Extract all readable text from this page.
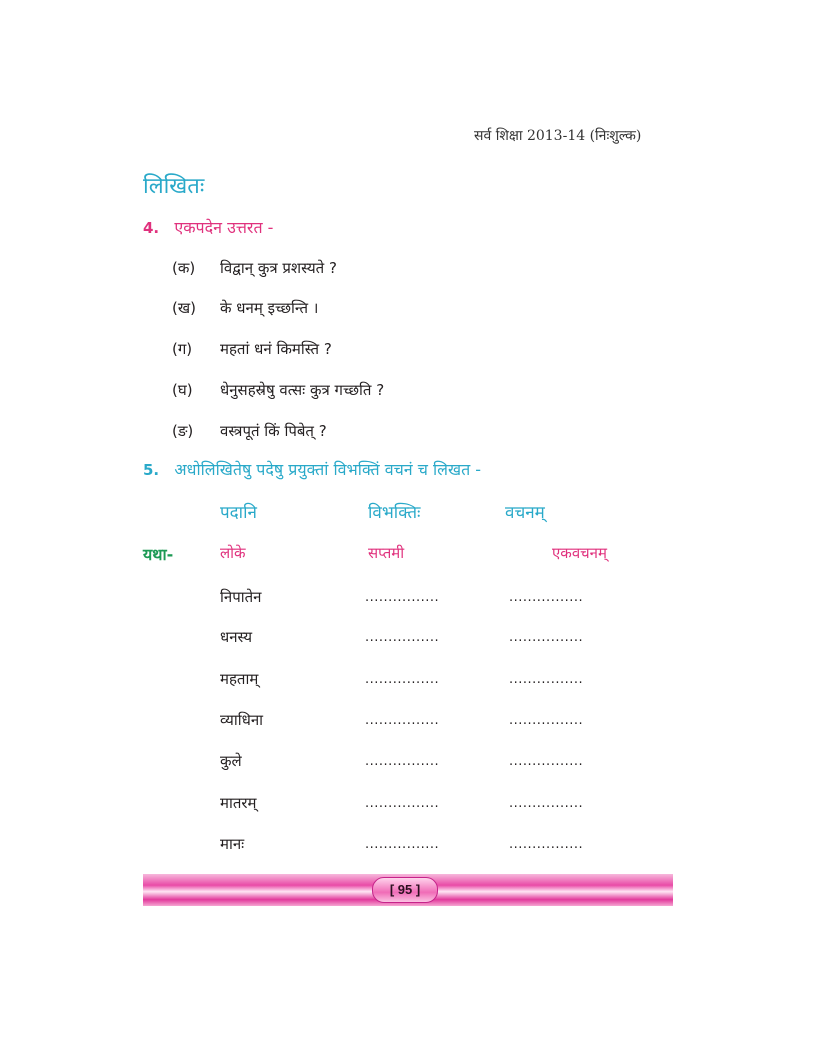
सर्व शिक्षा 2013-14 (निःशुल्क)
लिखितः
4. एकपदेन उत्तरत -
(क) विद्वान् कुत्र प्रशस्यते ?
(ख) के धनम् इच्छन्ति ।
(ग) महतां धनं किमस्ति ?
(घ) धेनुसहस्रेषु वत्सः कुत्र गच्छति ?
(ङ) वस्त्रपूतं किं पिबेत् ?
5. अधोलिखितेषु पदेषु प्रयुक्तां विभक्तिं वचनं च लिखत -
पदानि	विभक्तिः	वचनम्
यथा-	लोके	सप्तमी	एकवचनम्
निपातेन	................	................
धनस्य	................	................
महताम्	................	................
व्याधिना	................	................
कुले	................	................
मातरम्	................	................
मानः	................	................
[ 95 ]
